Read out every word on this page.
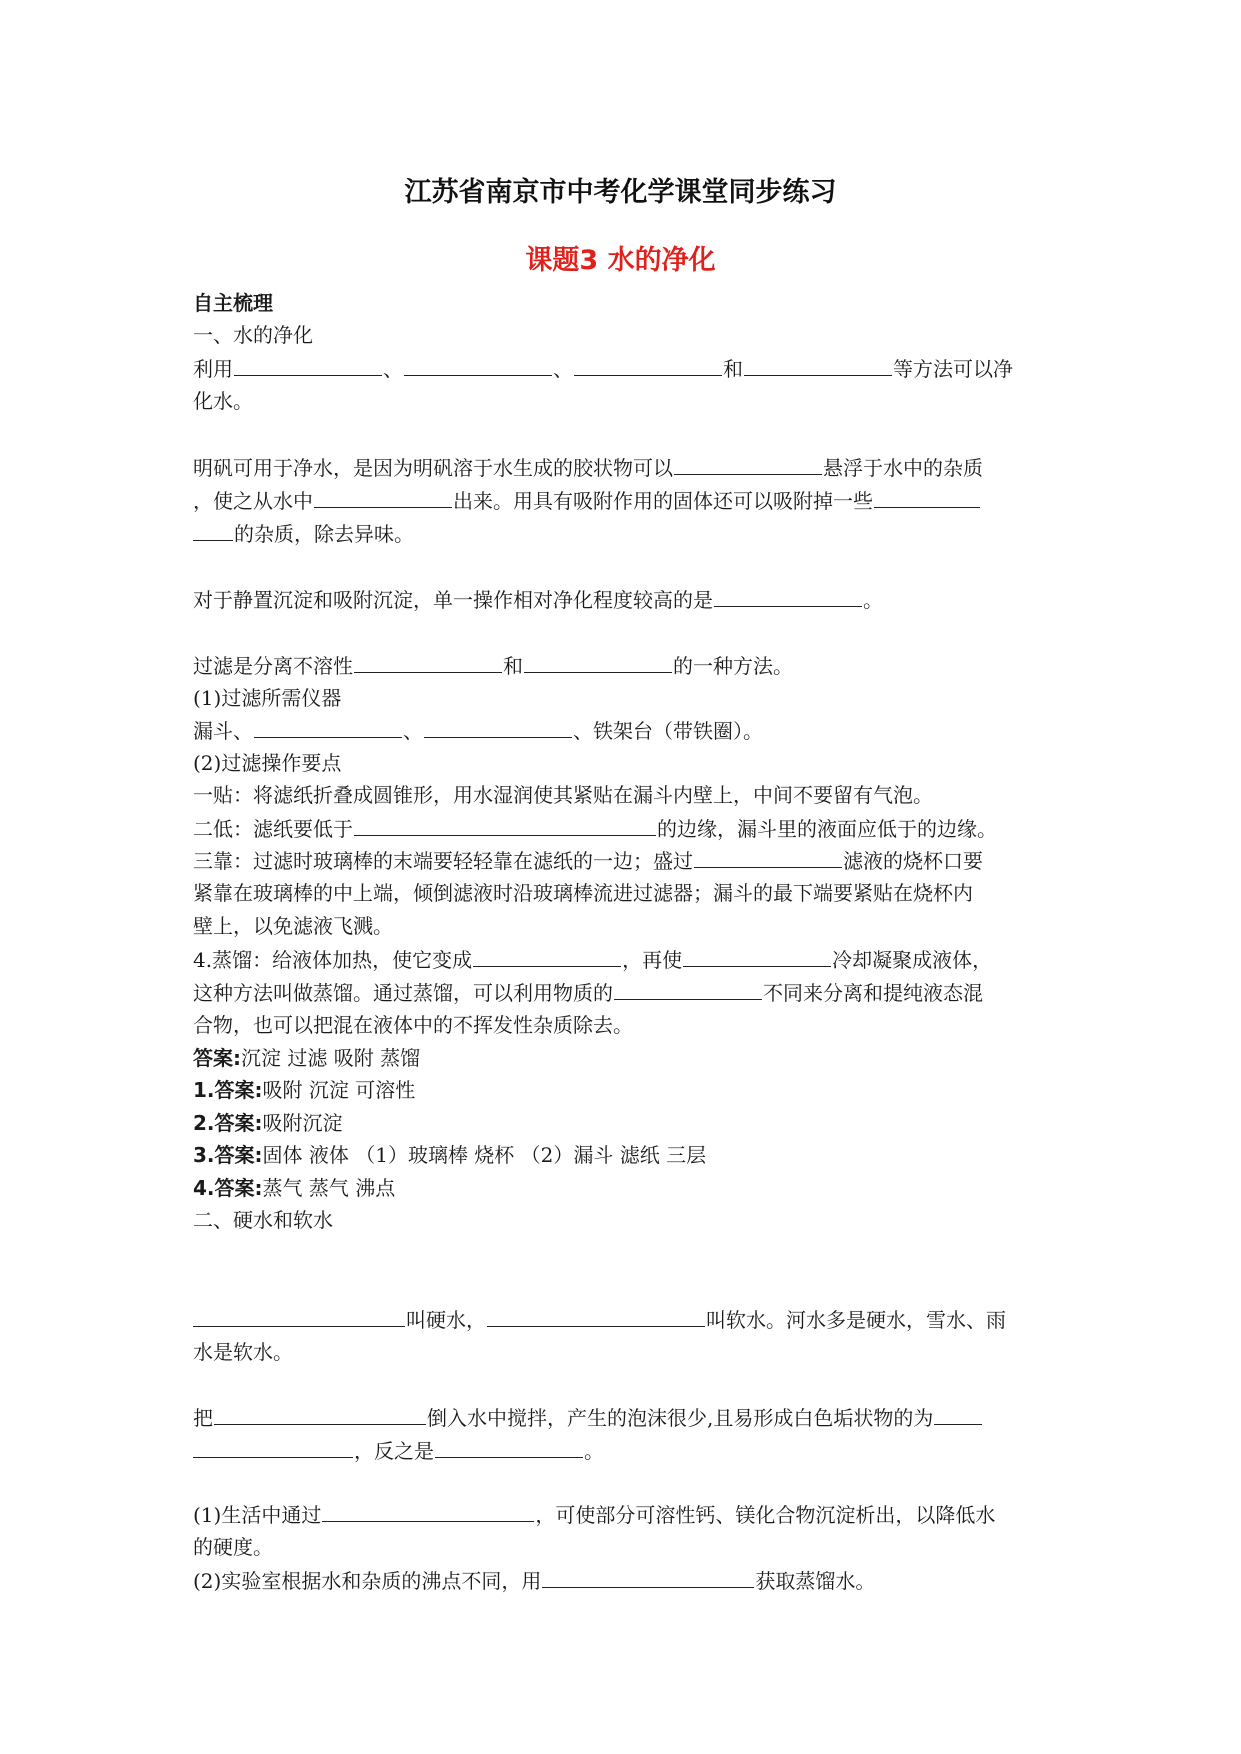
江苏省南京市中考化学课堂同步练习
课题3 水的净化
自主梳理
一、水的净化
利用	、	、	和	等方法可以净
化水。
明矾可用于净水，是因为明矾溶于水生成的胶状物可以	悬浮于水中的杂质
，使之从水中	出来。用具有吸附作用的固体还可以吸附掉一些
的杂质，除去异味。
对于静置沉淀和吸附沉淀，单一操作相对净化程度较高的是	。
过滤是分离不溶性	和	的一种方法。
(1)过滤所需仪器
漏斗、	、	、铁架台（带铁圈）。
(2)过滤操作要点
一贴：将滤纸折叠成圆锥形，用水湿润使其紧贴在漏斗内壁上，中间不要留有气泡。
二低：滤纸要低于	的边缘，漏斗里的液面应低于的边缘。
三靠：过滤时玻璃棒的末端要轻轻靠在滤纸的一边；盛过	滤液的烧杯口要
紧靠在玻璃棒的中上端，倾倒滤液时沿玻璃棒流进过滤器；漏斗的最下端要紧贴在烧杯内
壁上，以免滤液飞溅。
4.蒸馏：给液体加热，使它变成	，再使	冷却凝聚成液体，
这种方法叫做蒸馏。通过蒸馏，可以利用物质的	不同来分离和提纯液态混
合物，也可以把混在液体中的不挥发性杂质除去。
答案:沉淀 过滤 吸附 蒸馏
1.答案:吸附 沉淀 可溶性
2.答案:吸附沉淀
3.答案:固体 液体 （1）玻璃棒 烧杯 （2）漏斗 滤纸 三层
4.答案:蒸气 蒸气 沸点
二、硬水和软水
叫硬水，	叫软水。河水多是硬水，雪水、雨
水是软水。
把	倒入水中搅拌，产生的泡沫很少,且易形成白色垢状物的为
，反之是	。
(1)生活中通过	，可使部分可溶性钙、镁化合物沉淀析出，以降低水
的硬度。
(2)实验室根据水和杂质的沸点不同，用	获取蒸馏水。
